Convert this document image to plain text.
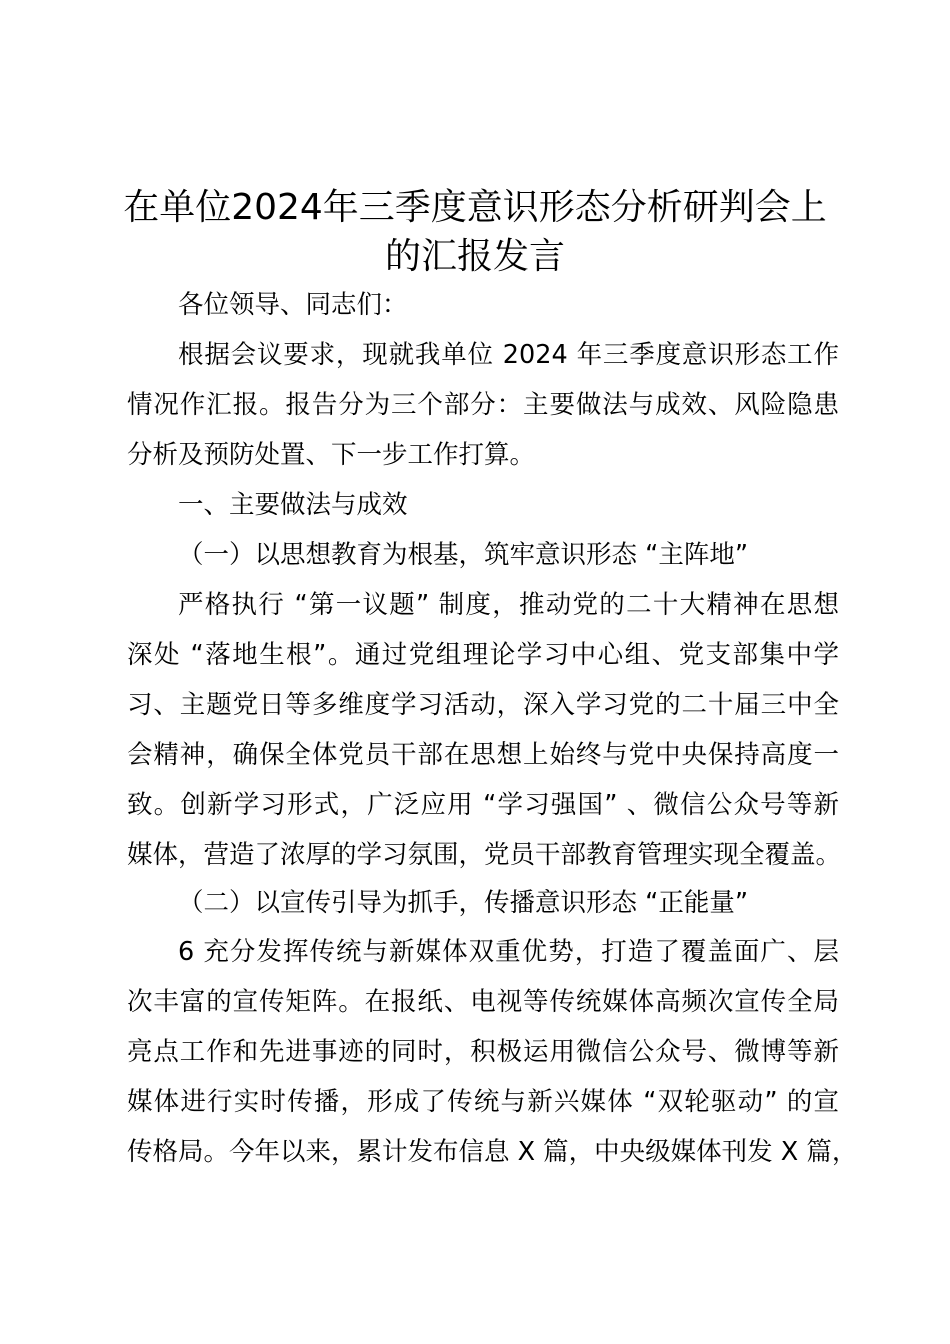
在单位2024年三季度意识形态分析研判会上
的汇报发言
各位领导、同志们：
根据会议要求，现就我单位 2024 年三季度意识形态工作
情况作汇报。报告分为三个部分：主要做法与成效、风险隐患
分析及预防处置、下一步工作打算。
一、主要做法与成效
（一）以思想教育为根基，筑牢意识形态 “主阵地”
严格执行 “第一议题” 制度，推动党的二十大精神在思想
深处 “落地生根”。通过党组理论学习中心组、党支部集中学
习、主题党日等多维度学习活动，深入学习党的二十届三中全
会精神，确保全体党员干部在思想上始终与党中央保持高度一
致。创新学习形式，广泛应用 “学习强国” 、微信公众号等新
媒体，营造了浓厚的学习氛围，党员干部教育管理实现全覆盖。
（二）以宣传引导为抓手，传播意识形态 “正能量”
6 充分发挥传统与新媒体双重优势，打造了覆盖面广、层
次丰富的宣传矩阵。在报纸、电视等传统媒体高频次宣传全局
亮点工作和先进事迹的同时，积极运用微信公众号、微博等新
媒体进行实时传播，形成了传统与新兴媒体 “双轮驱动” 的宣
传格局。今年以来，累计发布信息 X 篇，中央级媒体刊发 X 篇，
